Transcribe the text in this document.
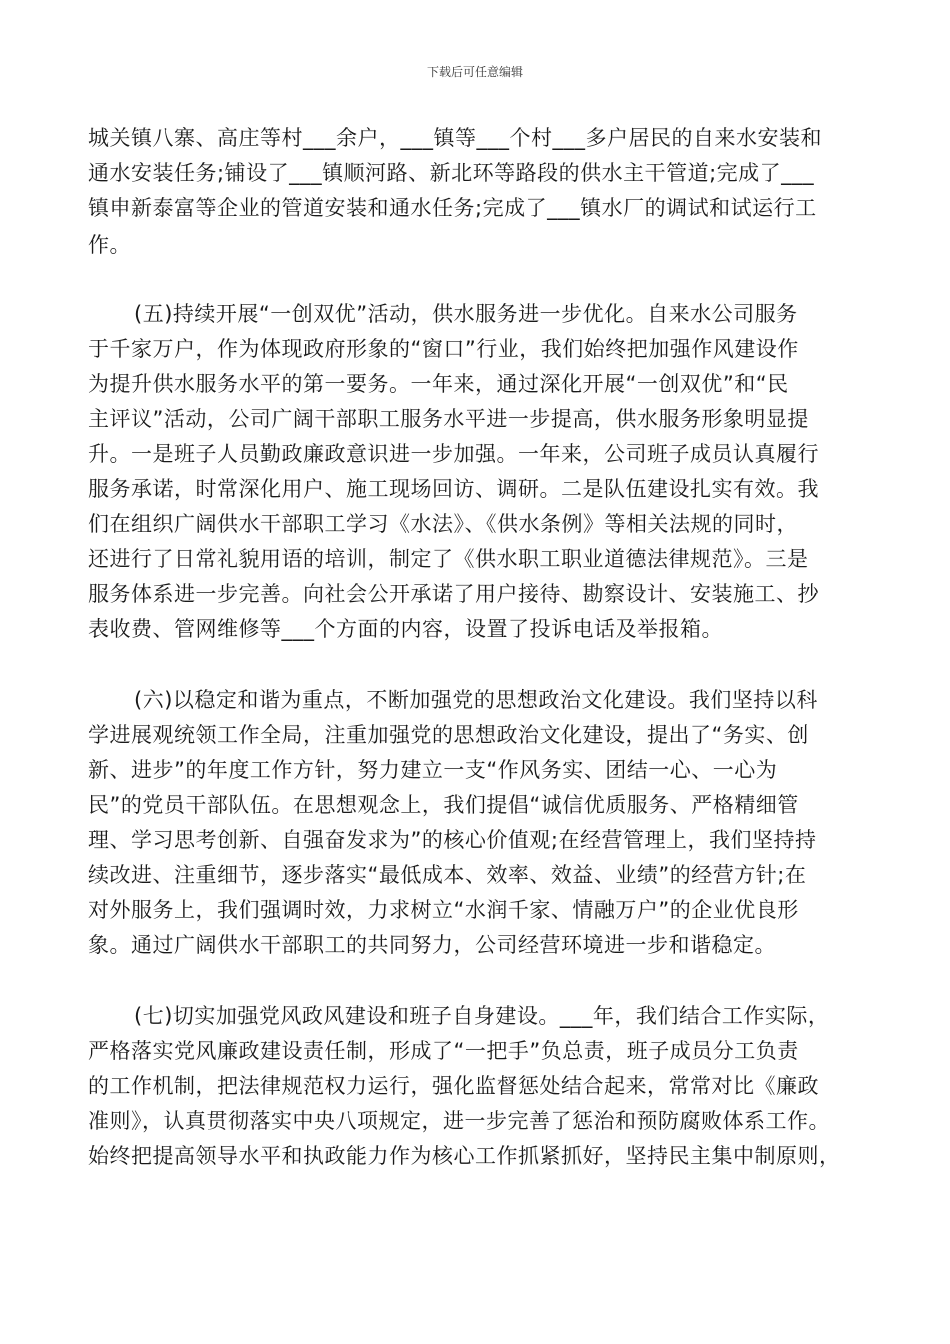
下载后可任意编辑
城关镇八寨、高庄等村___余户，___镇等___个村___多户居民的自来水安装和
通水安装任务;铺设了___镇顺河路、新北环等路段的供水主干管道;完成了___
镇申新泰富等企业的管道安装和通水任务;完成了___镇水厂的调试和试运行工
作。
(五)持续开展“一创双优”活动，供水服务进一步优化。自来水公司服务
于千家万户，作为体现政府形象的“窗口”行业，我们始终把加强作风建设作
为提升供水服务水平的第一要务。一年来，通过深化开展“一创双优”和“民
主评议”活动，公司广阔干部职工服务水平进一步提高，供水服务形象明显提
升。一是班子人员勤政廉政意识进一步加强。一年来，公司班子成员认真履行
服务承诺，时常深化用户、施工现场回访、调研。二是队伍建设扎实有效。我
们在组织广阔供水干部职工学习《水法》、《供水条例》等相关法规的同时，
还进行了日常礼貌用语的培训，制定了《供水职工职业道德法律规范》。三是
服务体系进一步完善。向社会公开承诺了用户接待、勘察设计、安装施工、抄
表收费、管网维修等___个方面的内容，设置了投诉电话及举报箱。
(六)以稳定和谐为重点，不断加强党的思想政治文化建设。我们坚持以科
学进展观统领工作全局，注重加强党的思想政治文化建设，提出了“务实、创
新、进步”的年度工作方针，努力建立一支“作风务实、团结一心、一心为
民”的党员干部队伍。在思想观念上，我们提倡“诚信优质服务、严格精细管
理、学习思考创新、自强奋发求为”的核心价值观;在经营管理上，我们坚持持
续改进、注重细节，逐步落实“最低成本、效率、效益、业绩”的经营方针;在
对外服务上，我们强调时效，力求树立“水润千家、情融万户”的企业优良形
象。通过广阔供水干部职工的共同努力，公司经营环境进一步和谐稳定。
(七)切实加强党风政风建设和班子自身建设。___年，我们结合工作实际，
严格落实党风廉政建设责任制，形成了“一把手”负总责，班子成员分工负责
的工作机制，把法律规范权力运行，强化监督惩处结合起来，常常对比《廉政
准则》，认真贯彻落实中央八项规定，进一步完善了惩治和预防腐败体系工作。
始终把提高领导水平和执政能力作为核心工作抓紧抓好，坚持民主集中制原则，
